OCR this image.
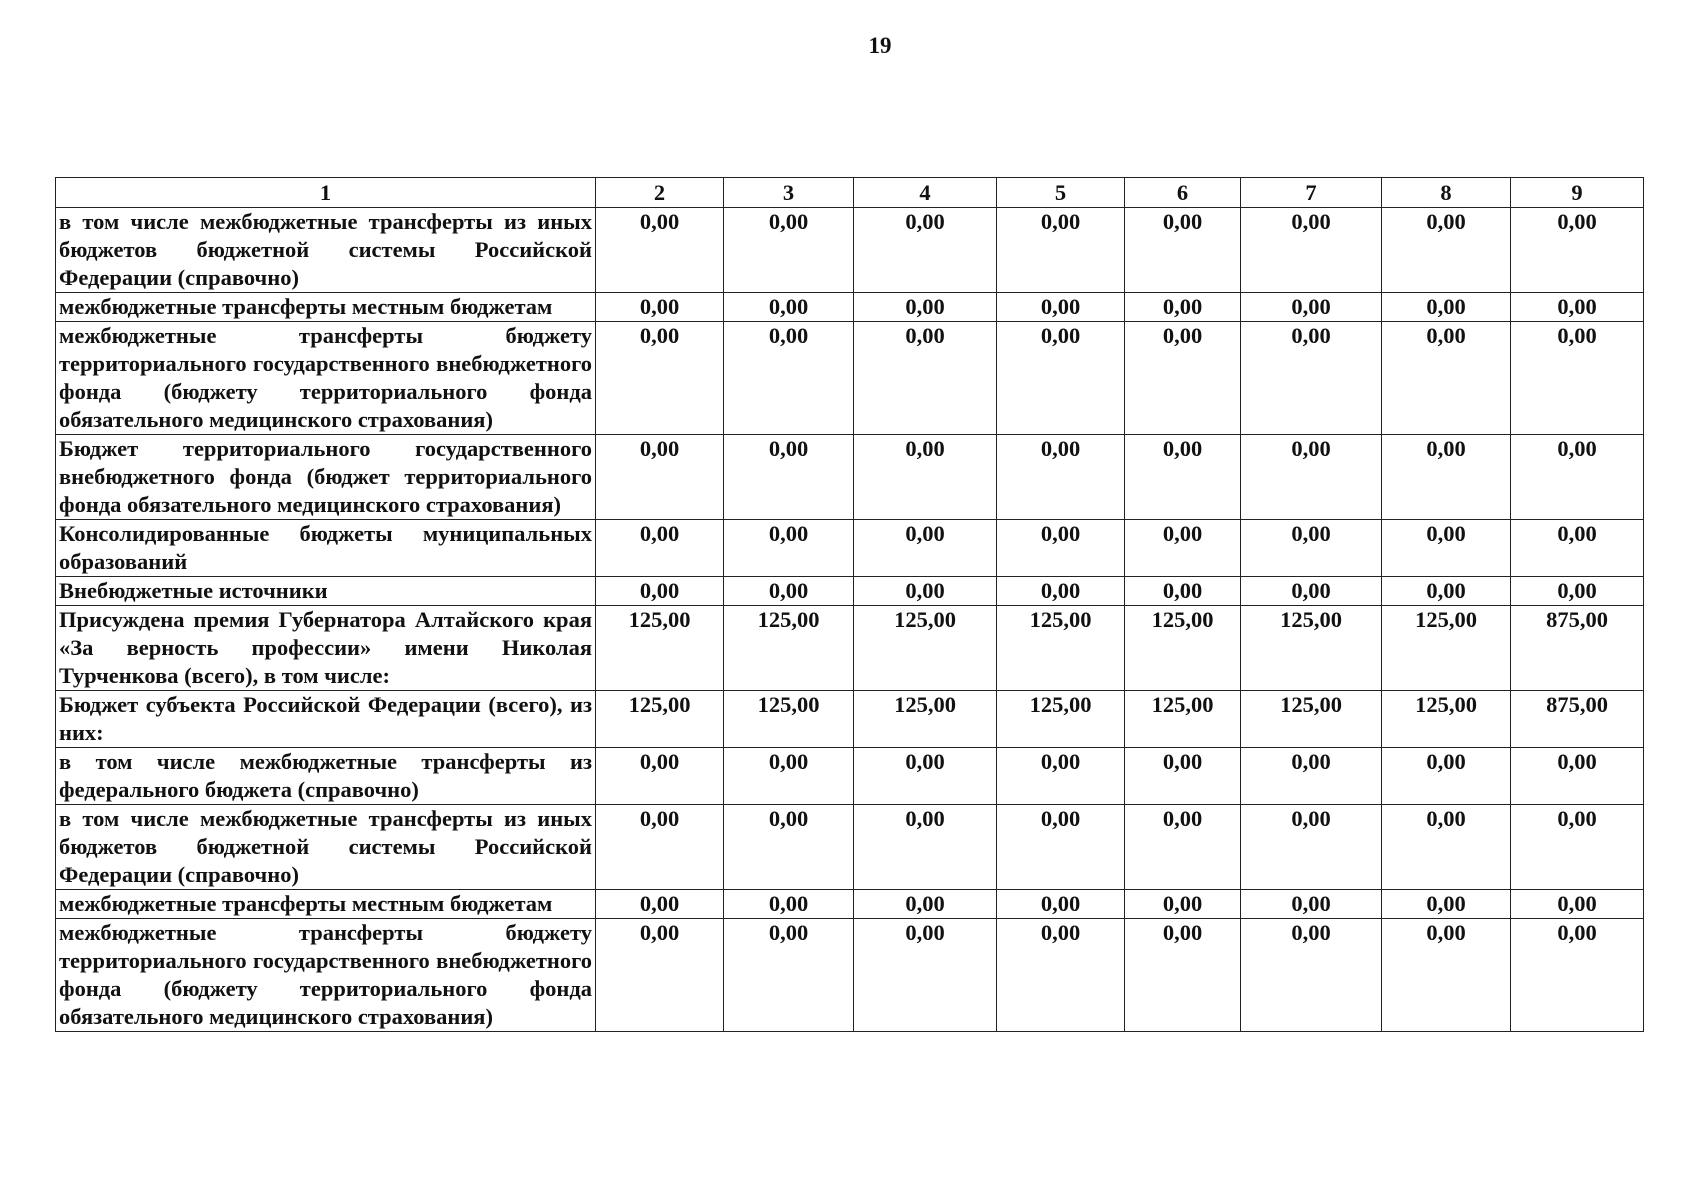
19
1	2	3	4	5	6	7	8	9
в том числе межбюджетные трансферты из иных бюджетов бюджетной системы Российской Федерации (справочно)	0,00	0,00	0,00	0,00	0,00	0,00	0,00	0,00
межбюджетные трансферты местным бюджетам	0,00	0,00	0,00	0,00	0,00	0,00	0,00	0,00
межбюджетные трансферты бюджету территориального государственного внебюджетного фонда (бюджету территориального фонда обязательного медицинского страхования)	0,00	0,00	0,00	0,00	0,00	0,00	0,00	0,00
Бюджет территориального государственного внебюджетного фонда (бюджет территориального фонда обязательного медицинского страхования)	0,00	0,00	0,00	0,00	0,00	0,00	0,00	0,00
Консолидированные бюджеты муниципальных образований	0,00	0,00	0,00	0,00	0,00	0,00	0,00	0,00
Внебюджетные источники	0,00	0,00	0,00	0,00	0,00	0,00	0,00	0,00
Присуждена премия Губернатора Алтайского края «За верность профессии» имени Николая Турченкова (всего), в том числе:	125,00	125,00	125,00	125,00	125,00	125,00	125,00	875,00
Бюджет субъекта Российской Федерации (всего), из них:	125,00	125,00	125,00	125,00	125,00	125,00	125,00	875,00
в том числе межбюджетные трансферты из федерального бюджета (справочно)	0,00	0,00	0,00	0,00	0,00	0,00	0,00	0,00
в том числе межбюджетные трансферты из иных бюджетов бюджетной системы Российской Федерации (справочно)	0,00	0,00	0,00	0,00	0,00	0,00	0,00	0,00
межбюджетные трансферты местным бюджетам	0,00	0,00	0,00	0,00	0,00	0,00	0,00	0,00
межбюджетные трансферты бюджету территориального государственного внебюджетного фонда (бюджету территориального фонда обязательного медицинского страхования)	0,00	0,00	0,00	0,00	0,00	0,00	0,00	0,00
